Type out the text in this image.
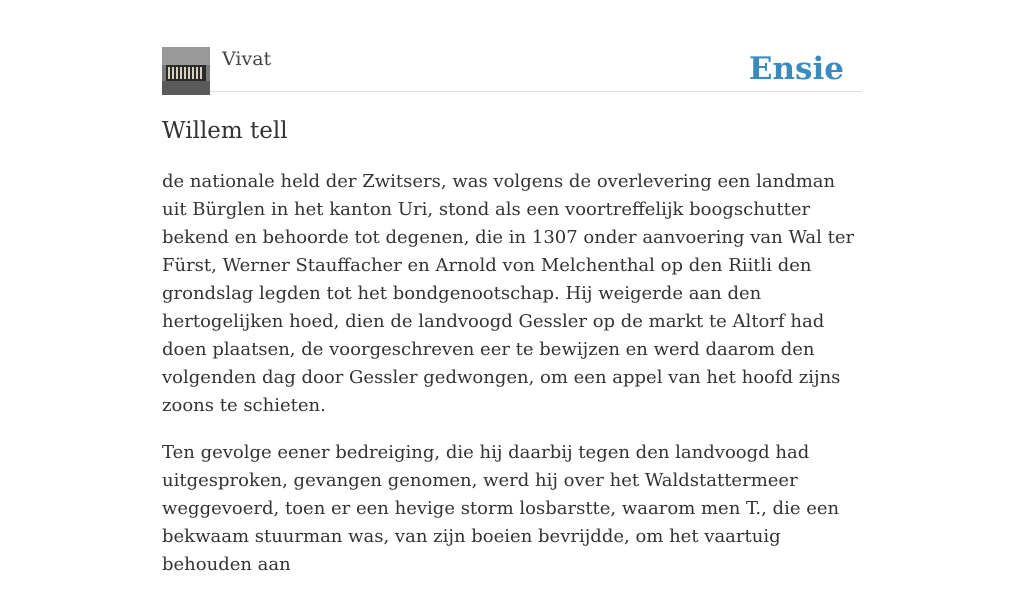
Vivat	Ensie
Willem tell

de nationale held der Zwitsers, was volgens de overlevering een landman uit Bürglen in het kanton Uri, stond als een voortreffelijk boogschutter bekend en behoorde tot degenen, die in 1307 onder aanvoering van Wal ter Fürst, Werner Stauffacher en Arnold von Melchenthal op den Riitli den grondslag legden tot het bondgenootschap. Hij weigerde aan den hertogelijken hoed, dien de landvoogd Gessler op de markt te Altorf had doen plaatsen, de voorgeschreven eer te bewijzen en werd daarom den volgenden dag door Gessler gedwongen, om een appel van het hoofd zijns zoons te schieten.

Ten gevolge eener bedreiging, die hij daarbij tegen den landvoogd had uitgesproken, gevangen genomen, werd hij over het Waldstattermeer weggevoerd, toen er een hevige storm losbarstte, waarom men T., die een bekwaam stuurman was, van zijn boeien bevrijdde, om het vaartuig behouden aan
